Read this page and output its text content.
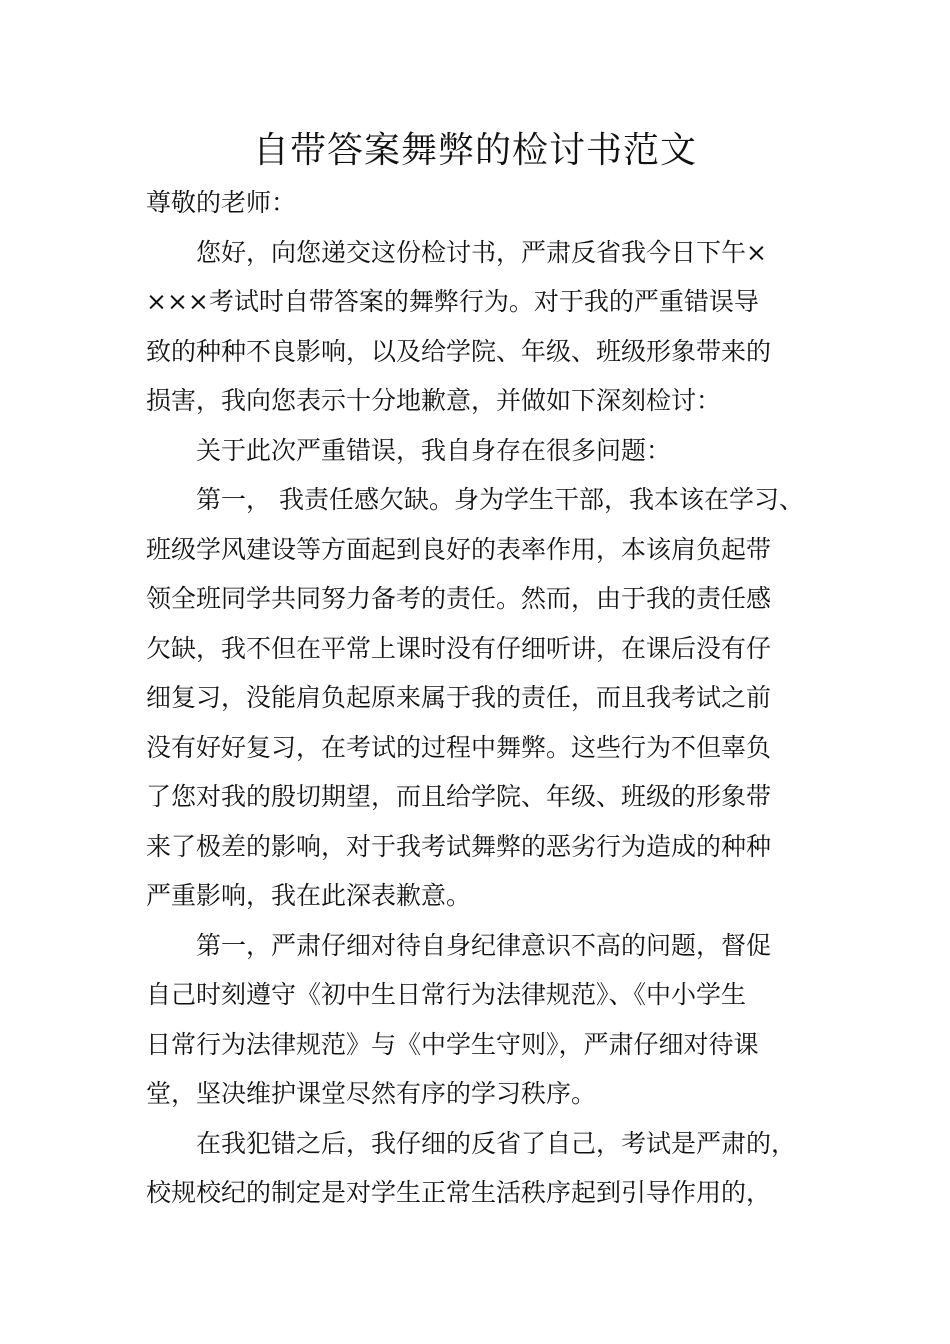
自带答案舞弊的检讨书范文
尊敬的老师：
您好，向您递交这份检讨书，严肃反省我今日下午×
×××考试时自带答案的舞弊行为。对于我的严重错误导
致的种种不良影响，以及给学院、年级、班级形象带来的
损害，我向您表示十分地歉意，并做如下深刻检讨：
关于此次严重错误，我自身存在很多问题：
第一， 我责任感欠缺。身为学生干部，我本该在学习、
班级学风建设等方面起到良好的表率作用，本该肩负起带
领全班同学共同努力备考的责任。然而，由于我的责任感
欠缺，我不但在平常上课时没有仔细听讲，在课后没有仔
细复习，没能肩负起原来属于我的责任，而且我考试之前
没有好好复习，在考试的过程中舞弊。这些行为不但辜负
了您对我的殷切期望，而且给学院、年级、班级的形象带
来了极差的影响，对于我考试舞弊的恶劣行为造成的种种
严重影响，我在此深表歉意。
第一，严肃仔细对待自身纪律意识不高的问题，督促
自己时刻遵守《初中生日常行为法律规范》、《中小学生
日常行为法律规范》与《中学生守则》，严肃仔细对待课
堂，坚决维护课堂尽然有序的学习秩序。
在我犯错之后，我仔细的反省了自己，考试是严肃的，
校规校纪的制定是对学生正常生活秩序起到引导作用的，
